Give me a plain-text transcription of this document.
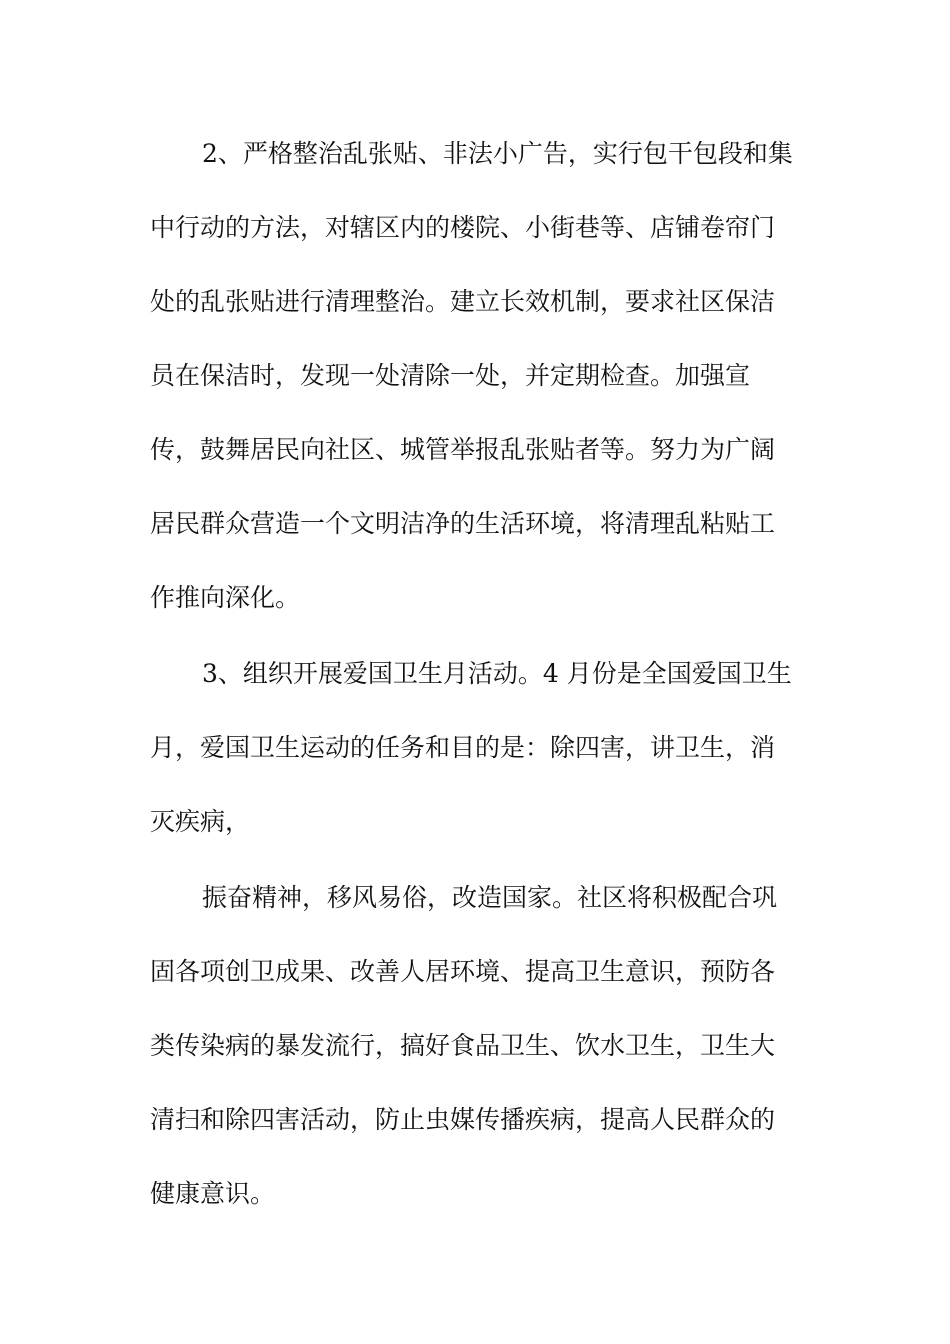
2、严格整治乱张贴、非法小广告，实行包干包段和集
中行动的方法，对辖区内的楼院、小街巷等、店铺卷帘门
处的乱张贴进行清理整治。建立长效机制，要求社区保洁
员在保洁时，发现一处清除一处，并定期检查。加强宣
传，鼓舞居民向社区、城管举报乱张贴者等。努力为广阔
居民群众营造一个文明洁净的生活环境，将清理乱粘贴工
作推向深化。
3、组织开展爱国卫生月活动。4 月份是全国爱国卫生
月，爱国卫生运动的任务和目的是：除四害，讲卫生，消
灭疾病，
振奋精神，移风易俗，改造国家。社区将积极配合巩
固各项创卫成果、改善人居环境、提高卫生意识，预防各
类传染病的暴发流行，搞好食品卫生、饮水卫生，卫生大
清扫和除四害活动，防止虫媒传播疾病，提高人民群众的
健康意识。
